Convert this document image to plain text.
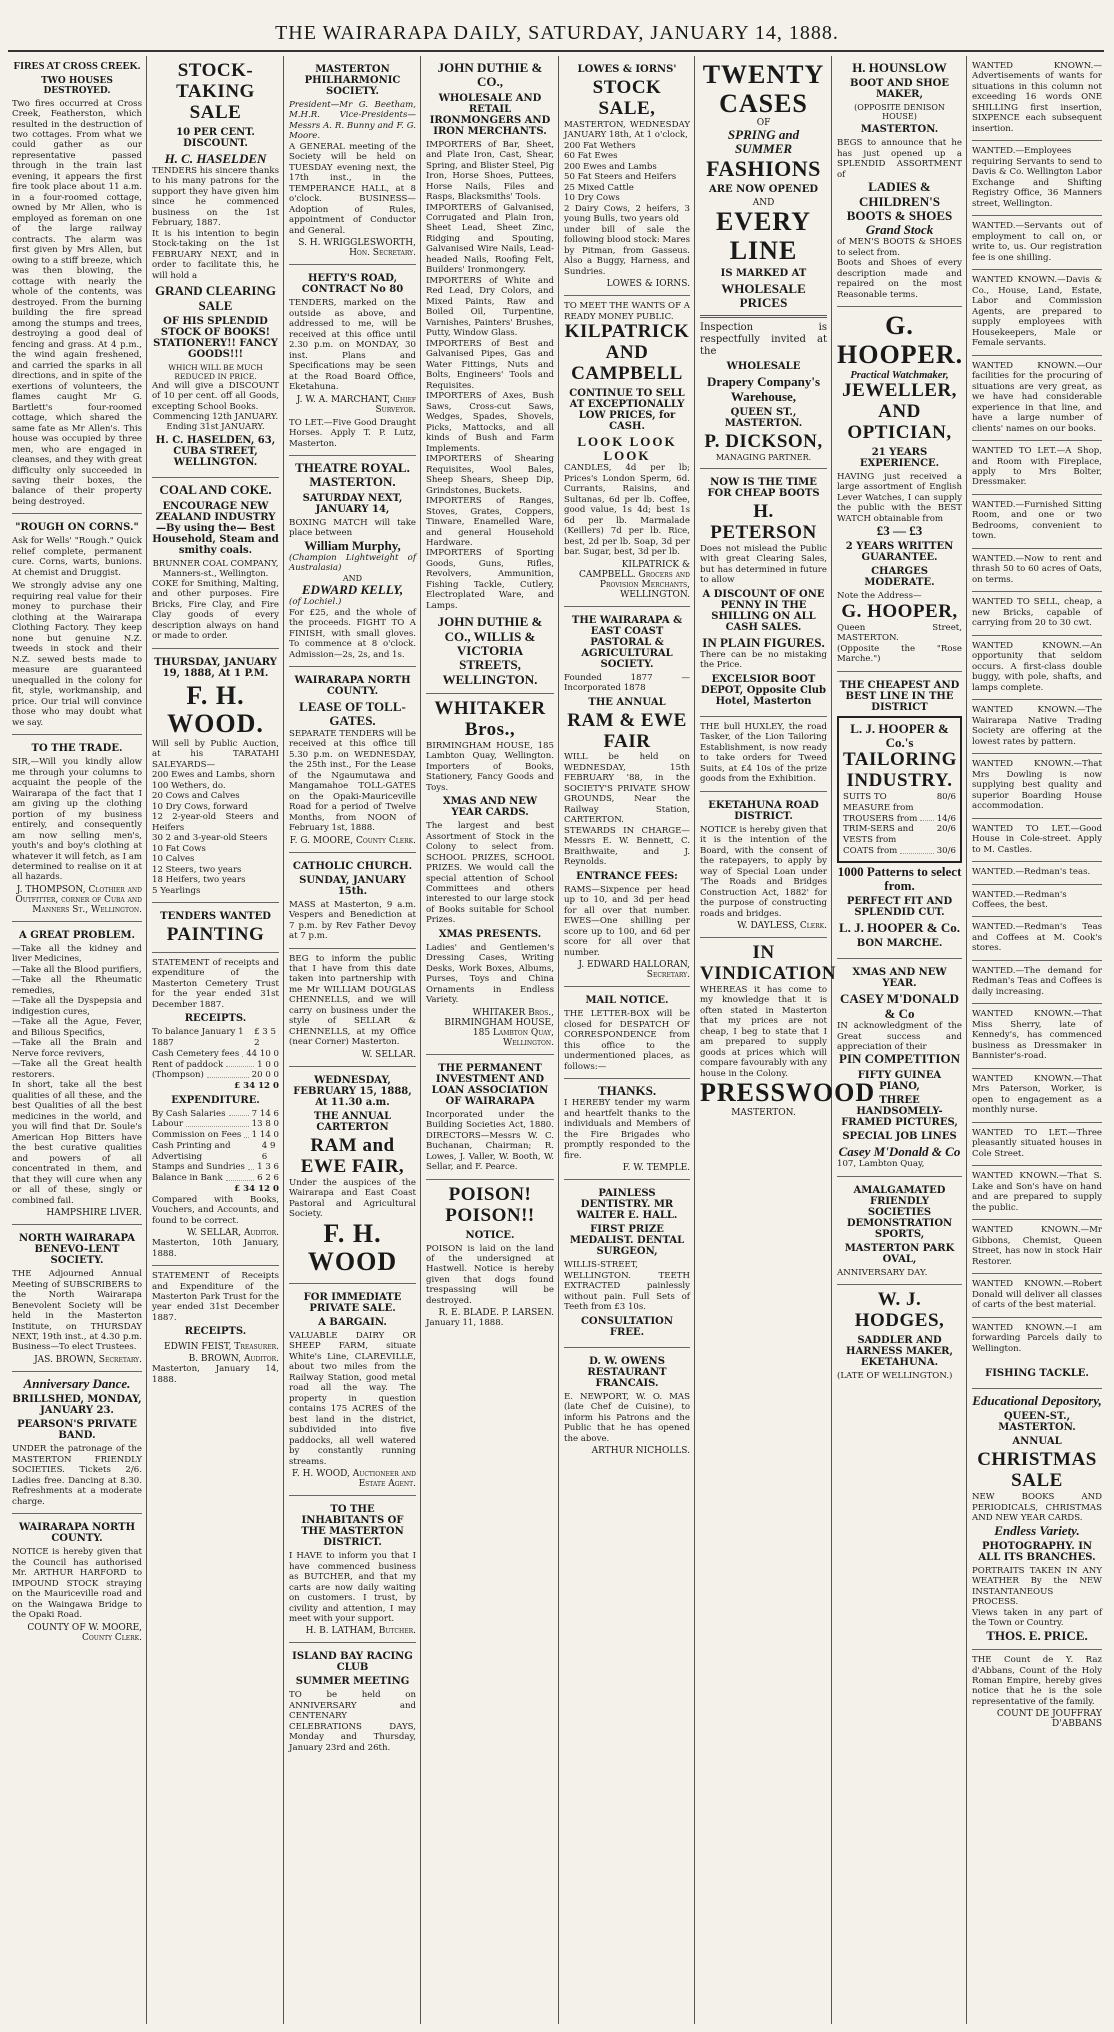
THE WAIRARAPA DAILY, SATURDAY, JANUARY 14, 1888.
FIRES AT CROSS CREEK.
TWO HOUSES DESTROYED.
Two fires occurred at Cross Creek, Featherston, which resulted in the destruction of two cottages. From what we could gather as our representative passed through in the train last evening, it appears the first fire took place about 11 a.m. in a four-roomed cottage, owned by Mr Allen, who is employed as foreman on one of the large railway contracts. The alarm was first given by Mrs Allen, but owing to a stiff breeze, which was then blowing, the cottage with nearly the whole of the contents, was destroyed. From the burning building the fire spread among the stumps and trees, destroying a good deal of fencing and grass. At 4 p.m., the wind again freshened, and carried the sparks in all directions, and in spite of the exertions of volunteers, the flames caught Mr G. Bartlett's four-roomed cottage, which shared the same fate as Mr Allen's. This house was occupied by three men, who are engaged in cleanses, and they with great difficulty only succeeded in saving their boxes, the balance of their property being destroyed.
"ROUGH ON CORNS."
Ask for Wells' "Rough." Quick relief complete, permanent cure. Corns, warts, bunions. At chemist and Druggist.
We strongly advise any one requiring real value for their money to purchase their clothing at the Wairarapa Clothing Factory. They keep none but genuine N.Z. tweeds in stock and their N.Z. sewed bests made to measure are guaranteed unequalled in the colony for fit, style, workmanship, and price. Our trial will convince those who may doubt what we say.
TO THE TRADE.
SIR,—Will you kindly allow me through your columns to acquaint the people of the Wairarapa of the fact that I am giving up the clothing portion of my business entirely, and consequently am now selling men's, youth's and boy's clothing at whatever it will fetch, as I am determined to realise on it at all hazards.
J. THOMPSON, Clothier and Outfitter, corner of Cuba and Manners St., Wellington.
A GREAT PROBLEM.
—Take all the kidney and liver Medicines,
—Take all the Blood purifiers,
—Take all the Rheumatic remedies,
—Take all the Dyspepsia and indigestion cures,
—Take all the Ague, Fever, and Bilious Specifics,
—Take all the Brain and Nerve force revivers,
—Take all the Great health restorers.
In short, take all the best qualities of all these, and the best Qualities of all the best medicines in the world, and you will find that Dr. Soule's American Hop Bitters have the best curative qualities and powers of all concentrated in them, and that they will cure when any or all of these, singly or combined fail.
HAMPSHIRE LIVER.
NORTH WAIRARAPA BENEVO-LENT SOCIETY.
THE Adjourned Annual Meeting of SUBSCRIBERS to the North Wairarapa Benevolent Society will be held in the Masterton Institute, on THURSDAY NEXT, 19th inst., at 4.30 p.m. Business—To elect Trustees.
JAS. BROWN, Secretary.
Anniversary Dance.
BRILLSHED, MONDAY, JANUARY 23.
PEARSON'S PRIVATE BAND.
UNDER the patronage of the MASTERTON FRIENDLY SOCIETIES. Tickets 2/6. Ladies free. Dancing at 8.30. Refreshments at a moderate charge.
WAIRARAPA NORTH COUNTY.
NOTICE is hereby given that the Council has authorised Mr. ARTHUR HARFORD to IMPOUND STOCK straying on the Mauriceville road and on the Waingawa Bridge to the Opaki Road.
COUNTY OF W. MOORE, County Clerk.
STOCK-TAKING SALE
10 PER CENT. DISCOUNT.
H. C. HASELDEN
TENDERS his sincere thanks to his many patrons for the support they have given him since he commenced business on the 1st February, 1887.
It is his intention to begin Stock-taking on the 1st FEBRUARY NEXT, and in order to facilitate this, he will hold a
GRAND CLEARING SALE
OF HIS SPLENDID STOCK OF BOOKS! STATIONERY!! FANCY GOODS!!!
WHICH WILL BE MUCH REDUCED IN PRICE.
And will give a DISCOUNT of 10 per cent. off all Goods, excepting School Books.
Commencing 12th JANUARY. Ending 31st JANUARY.
H. C. HASELDEN, 63, CUBA STREET, WELLINGTON.
COAL AND COKE.
ENCOURAGE NEW ZEALAND INDUSTRY —By using the— Best Household, Steam and smithy coals.
BRUNNER COAL COMPANY, Manners-st., Wellington.
COKE for Smithing, Malting, and other purposes. Fire Bricks, Fire Clay, and Fire Clay goods of every description always on hand or made to order.
THURSDAY, JANUARY 19, 1888, At 1 P.M.
F. H. WOOD.
Will sell by Public Auction, at his TARATAHI SALEYARDS—
200 Ewes and Lambs, shorn
100 Wethers, do.
20 Cows and Calves
10 Dry Cows, forward
12 2-year-old Steers and Heifers
30 2 and 3-year-old Steers
10 Fat Cows
10 Calves
12 Steers, two years
18 Heifers, two years
5 Yearlings
TENDERS WANTED
PAINTING
STATEMENT of receipts and expenditure of the Masterton Cemetery Trust for the year ended 31st December 1887.
RECEIPTS.
To balance January 1 1887
£ 3 5 2
Cash Cemetery fees 44 10 0
Rent of paddock	1 0 0
(Thompson)	20 0 0
£ 34 12 0
EXPENDITURE.
By Cash Salaries	7 14 6
Labour	13 8 0
Commission on Fees 1 14 0
Cash Printing and Advertising
4 9 6
Stamps and Sundries 1 3 6
Balance in Bank	6 2 6
£ 34 12 0
Compared with Books, Vouchers, and Accounts, and found to be correct.
W. SELLAR, Auditor.
Masterton, 10th January, 1888.
STATEMENT of Receipts and Expenditure of the Masterton Park Trust for the year ended 31st December 1887.
RECEIPTS.
EDWIN FEIST, Treasurer.
B. BROWN, Auditor.
Masterton, January 14, 1888.
MASTERTON PHILHARMONIC SOCIETY.
President—Mr G. Beetham, M.H.R. Vice-Presidents—Messrs A. R. Bunny and F. G. Moore.
A GENERAL meeting of the Society will be held on TUESDAY evening next, the 17th inst., in the TEMPERANCE HALL, at 8 o'clock. BUSINESS—Adoption of Rules, appointment of Conductor and General.
S. H. WRIGGLESWORTH, Hon. Secretary.
HEFTY'S ROAD, CONTRACT No 80
TENDERS, marked on the outside as above, and addressed to me, will be received at this office until 2.30 p.m. on MONDAY, 30 inst. Plans and Specifications may be seen at the Road Board Office, Eketahuna.
J. W. A. MARCHANT, Chief Surveyor.
TO LET.—Five Good Draught Horses. Apply T. P. Lutz, Masterton.
THEATRE ROYAL. MASTERTON.
SATURDAY NEXT, JANUARY 14,
BOXING MATCH will take place between
William Murphy,
(Champion Lightweight of Australasia)
AND
EDWARD KELLY,
(of Lochiel.)
For £25, and the whole of the proceeds. FIGHT TO A FINISH, with small gloves. To commence at 8 o'clock. Admission—2s, 2s, and 1s.
WAIRARAPA NORTH COUNTY.
LEASE OF TOLL-GATES.
SEPARATE TENDERS will be received at this office till 5.30 p.m. on WEDNESDAY, the 25th inst., For the Lease of the Ngaumutawa and Mangamahoe TOLL-GATES on the Opaki-Mauriceville Road for a period of Twelve Months, from NOON of February 1st, 1888.
F. G. MOORE, County Clerk.
CATHOLIC CHURCH.
SUNDAY, JANUARY 15th.
MASS at Masterton, 9 a.m. Vespers and Benediction at 7 p.m. by Rev Father Devoy at 7 p.m.
BEG to inform the public that I have from this date taken into partnership with me Mr WILLIAM DOUGLAS CHENNELLS, and we will carry on business under the style of SELLAR & CHENNELLS, at my Office (near Corner) Masterton.
W. SELLAR.
WEDNESDAY, FEBRUARY 15, 1888, At 11.30 a.m.
THE ANNUAL CARTERTON
RAM and EWE FAIR,
Under the auspices of the Wairarapa and East Coast Pastoral and Agricultural Society.
F. H. WOOD
FOR IMMEDIATE PRIVATE SALE.
A BARGAIN.
VALUABLE DAIRY OR SHEEP FARM, situate White's Line, CLAREVILLE, about two miles from the Railway Station, good metal road all the way. The property in question contains 175 ACRES of the best land in the district, subdivided into five paddocks, all well watered by constantly running streams.
F. H. WOOD, Auctioneer and Estate Agent.
TO THE INHABITANTS OF THE MASTERTON DISTRICT.
I HAVE to inform you that I have commenced business as BUTCHER, and that my carts are now daily waiting on customers. I trust, by civility and attention, I may meet with your support.
H. B. LATHAM, Butcher.
ISLAND BAY RACING CLUB
SUMMER MEETING
TO be held on ANNIVERSARY and CENTENARY CELEBRATIONS DAYS, Monday and Thursday, January 23rd and 26th.
JOHN DUTHIE & CO.,
WHOLESALE AND RETAIL IRONMONGERS AND IRON MERCHANTS.
IMPORTERS of Bar, Sheet, and Plate Iron, Cast, Shear, Spring, and Blister Steel, Pig Iron, Horse Shoes, Puttees, Horse Nails, Files and Rasps, Blacksmiths' Tools.
IMPORTERS of Galvanised, Corrugated and Plain Iron, Sheet Lead, Sheet Zinc, Ridging and Spouting, Galvanised Wire Nails, Lead-headed Nails, Roofing Felt, Builders' Ironmongery.
IMPORTERS of White and Red Lead, Dry Colors, and Mixed Paints, Raw and Boiled Oil, Turpentine, Varnishes, Painters' Brushes, Putty, Window Glass.
IMPORTERS of Best and Galvanised Pipes, Gas and Water Fittings, Nuts and Bolts, Engineers' Tools and Requisites.
IMPORTERS of Axes, Bush Saws, Cross-cut Saws, Wedges, Spades, Shovels, Picks, Mattocks, and all kinds of Bush and Farm Implements.
IMPORTERS of Shearing Requisites, Wool Bales, Sheep Shears, Sheep Dip, Grindstones, Buckets.
IMPORTERS of Ranges, Stoves, Grates, Coppers, Tinware, Enamelled Ware, and general Household Hardware.
IMPORTERS of Sporting Goods, Guns, Rifles, Revolvers, Ammunition, Fishing Tackle, Cutlery, Electroplated Ware, and Lamps.
JOHN DUTHIE & CO., WILLIS & VICTORIA STREETS, WELLINGTON.
WHITAKER Bros.,
BIRMINGHAM HOUSE, 185 Lambton Quay, Wellington. Importers of Books, Stationery, Fancy Goods and Toys.
XMAS AND NEW YEAR CARDS.
The largest and best Assortment of Stock in the Colony to select from. SCHOOL PRIZES, SCHOOL PRIZES. We would call the special attention of School Committees and others interested to our large stock of Books suitable for School Prizes.
XMAS PRESENTS.
Ladies' and Gentlemen's Dressing Cases, Writing Desks, Work Boxes, Albums, Purses, Toys and China Ornaments in Endless Variety.
WHITAKER Bros., BIRMINGHAM HOUSE, 185 Lambton Quay, Wellington.
THE PERMANENT INVESTMENT AND LOAN ASSOCIATION OF WAIRARAPA
Incorporated under the Building Societies Act, 1880. DIRECTORS—Messrs W. C. Buchanan, Chairman; R. Lowes, J. Valler, W. Booth, W. Sellar, and F. Pearce.
POISON! POISON!!
NOTICE.
POISON is laid on the land of the undersigned at Hastwell. Notice is hereby given that dogs found trespassing will be destroyed.
R. E. BLADE. P. LARSEN.
January 11, 1888.
LOWES & IORNS'
STOCK SALE,
MASTERTON, WEDNESDAY JANUARY 18th, At 1 o'clock,
200 Fat Wethers
60 Fat Ewes
200 Ewes and Lambs
50 Fat Steers and Heifers
25 Mixed Cattle
10 Dry Cows
2 Dairy Cows, 2 heifers, 3 young Bulls, two years old
under bill of sale the following blood stock: Mares by Pitman, from Gasseus. Also a Buggy, Harness, and Sundries.
LOWES & IORNS.
TO MEET THE WANTS OF A READY MONEY PUBLIC.
KILPATRICK AND CAMPBELL
CONTINUE TO SELL AT EXCEPTIONALLY LOW PRICES, for CASH.
LOOK LOOK LOOK
CANDLES, 4d per lb; Prices's London Sperm, 6d. Currants, Raisins, and Sultanas, 6d per lb. Coffee, good value, 1s 4d; best 1s 6d per lb. Marmalade (Keillers) 7d per lb. Rice, best, 2d per lb. Soap, 3d per bar. Sugar, best, 3d per lb.
KILPATRICK & CAMPBELL. Grocers and Provision Merchants, WELLINGTON.
THE WAIRARAPA & EAST COAST PASTORAL & AGRICULTURAL SOCIETY.
Founded 1877 — Incorporated 1878
THE ANNUAL
RAM & EWE FAIR
WILL be held on WEDNESDAY, 15th FEBRUARY '88, in the SOCIETY'S PRIVATE SHOW GROUNDS, Near the Railway Station, CARTERTON.
STEWARDS IN CHARGE—Messrs E. W. Bennett, C. Braithwaite, and J. Reynolds.
ENTRANCE FEES:
RAMS—Sixpence per head up to 10, and 3d per head for all over that number. EWES—One shilling per score up to 100, and 6d per score for all over that number.
J. EDWARD HALLORAN, Secretary.
MAIL NOTICE.
THE LETTER-BOX will be closed for DESPATCH OF CORRESPONDENCE from this office to the undermentioned places, as follows:—
THANKS.
I HEREBY tender my warm and heartfelt thanks to the individuals and Members of the Fire Brigades who promptly responded to the fire.
F. W. TEMPLE.
PAINLESS DENTISTRY. MR WALTER E. HALL.
FIRST PRIZE MEDALIST. DENTAL SURGEON,
WILLIS-STREET, WELLINGTON. TEETH EXTRACTED painlessly without pain. Full Sets of Teeth from £3 10s.
CONSULTATION FREE.
D. W. OWENS RESTAURANT FRANCAIS.
E. NEWPORT, W. O. MAS (late Chef de Cuisine), to inform his Patrons and the Public that he has opened the above.
ARTHUR NICHOLLS.
TWENTY CASES
OF
SPRING and SUMMER
FASHIONS
ARE NOW OPENED
AND
EVERY LINE
IS MARKED AT
WHOLESALE PRICES
Inspection is respectfully invited at the
WHOLESALE
Drapery Company's Warehouse,
QUEEN ST., MASTERTON.
P. DICKSON,
MANAGING PARTNER.
NOW IS THE TIME FOR CHEAP BOOTS
H. PETERSON
Does not mislead the Public with great Clearing Sales, but has determined in future to allow
A DISCOUNT OF ONE PENNY IN THE SHILLING ON ALL CASH SALES.
IN PLAIN FIGURES.
There can be no mistaking the Price.
EXCELSIOR BOOT DEPOT, Opposite Club Hotel, Masterton
THE bull HUXLEY, the road Tasker, of the Lion Tailoring Establishment, is now ready to take orders for Tweed Suits, at £4 10s of the prize goods from the Exhibition.
EKETAHUNA ROAD DISTRICT.
NOTICE is hereby given that it is the intention of the Board, with the consent of the ratepayers, to apply by way of Special Loan under 'The Roads and Bridges Construction Act, 1882' for the purpose of constructing roads and bridges.
W. DAYLESS, Clerk.
IN VINDICATION
WHEREAS it has come to my knowledge that it is often stated in Masterton that my prices are not cheap, I beg to state that I am prepared to supply goods at prices which will compare favourably with any house in the Colony.
PRESSWOOD
MASTERTON.
H. HOUNSLOW
BOOT AND SHOE MAKER,
(OPPOSITE DENISON HOUSE)
MASTERTON.
BEGS to announce that he has just opened up a SPLENDID ASSORTMENT of
LADIES & CHILDREN'S BOOTS & SHOES
Grand Stock
of MEN'S BOOTS & SHOES to select from.
Boots and Shoes of every description made and repaired on the most Reasonable terms.
G. HOOPER.
Practical Watchmaker,
JEWELLER,
AND OPTICIAN,
21 YEARS EXPERIENCE.
HAVING just received a large assortment of English Lever Watches, I can supply the public with the BEST WATCH obtainable from
£3 — £3
2 YEARS WRITTEN GUARANTEE.
CHARGES MODERATE.
Note the Address—
G. HOOPER,
Queen Street, MASTERTON.
(Opposite the "Rose Marche.")
THE CHEAPEST AND BEST LINE IN THE DISTRICT
L. J. HOOPER & Co.'s
TAILORING
INDUSTRY.
SUITS TO MEASURE from
80/6
TROUSERS from 14/6
TRIM-SERS and VESTS from
20/6
COATS from	30/6
1000 Patterns to select from.
PERFECT FIT AND SPLENDID CUT.
L. J. HOOPER & Co.
BON MARCHE.
XMAS AND NEW YEAR.
CASEY M'DONALD & Co
IN acknowledgment of the Great success and appreciation of their
PIN COMPETITION
FIFTY GUINEA PIANO,
THREE HANDSOMELY-FRAMED PICTURES,
SPECIAL JOB LINES
Casey M'Donald & Co
107, Lambton Quay,
AMALGAMATED FRIENDLY SOCIETIES DEMONSTRATION SPORTS,
MASTERTON PARK OVAL,
ANNIVERSARY DAY.
W. J. HODGES,
SADDLER AND HARNESS MAKER, EKETAHUNA.
(LATE OF WELLINGTON.)
WANTED KNOWN.—Advertisements of wants for situations in this column not exceeding 16 words ONE SHILLING first insertion, SIXPENCE each subsequent insertion.
WANTED.—Employees requiring Servants to send to Davis & Co. Wellington Labor Exchange and Shifting Registry Office, 36 Manners street, Wellington.
WANTED.—Servants out of employment to call on, or write to, us. Our registration fee is one shilling.
WANTED KNOWN.—Davis & Co., House, Land, Estate, Labor and Commission Agents, are prepared to supply employees with Housekeepers, Male or Female servants.
WANTED KNOWN.—Our facilities for the procuring of situations are very great, as we have had considerable experience in that line, and have a large number of clients' names on our books.
WANTED TO LET.—A Shop, and Room with Fireplace, apply to Mrs Bolter, Dressmaker.
WANTED.—Furnished Sitting Room, and one or two Bedrooms, convenient to town.
WANTED.—Now to rent and thrash 50 to 60 acres of Oats, on terms.
WANTED TO SELL, cheap, a new Bricks, capable of carrying from 20 to 30 cwt.
WANTED KNOWN.—An opportunity that seldom occurs. A first-class double buggy, with pole, shafts, and lamps complete.
WANTED KNOWN.—The Wairarapa Native Trading Society are offering at the lowest rates by pattern.
WANTED KNOWN.—That Mrs Dowling is now supplying best quality and superior Boarding House accommodation.
WANTED TO LET.—Good House in Cole-street. Apply to M. Castles.
WANTED.—Redman's teas.
WANTED.—Redman's Coffees, the best.
WANTED.—Redman's Teas and Coffees at M. Cook's stores.
WANTED.—The demand for Redman's Teas and Coffees is daily increasing.
WANTED KNOWN.—That Miss Sherry, late of Kennedy's, has commenced business as Dressmaker in Bannister's-road.
WANTED KNOWN.—That Mrs Paterson, Worker, is open to engagement as a monthly nurse.
WANTED TO LET.—Three pleasantly situated houses in Cole Street.
WANTED KNOWN.—That S. Lake and Son's have on hand and are prepared to supply the public.
WANTED KNOWN.—Mr Gibbons, Chemist, Queen Street, has now in stock Hair Restorer.
WANTED KNOWN.—Robert Donald will deliver all classes of carts of the best material.
WANTED KNOWN.—I am forwarding Parcels daily to Wellington.
FISHING TACKLE.
Educational Depository,
QUEEN-ST., MASTERTON.
ANNUAL
CHRISTMAS SALE
NEW BOOKS AND PERIODICALS, CHRISTMAS AND NEW YEAR CARDS.
Endless Variety.
PHOTOGRAPHY. IN ALL ITS BRANCHES.
PORTRAITS TAKEN IN ANY WEATHER By the NEW INSTANTANEOUS PROCESS.
Views taken in any part of the Town or Country.
THOS. E. PRICE.
THE Count de Y. Raz d'Abbans, Count of the Holy Roman Empire, hereby gives notice that he is the sole representative of the family.
COUNT DE JOUFFRAY D'ABBANS
